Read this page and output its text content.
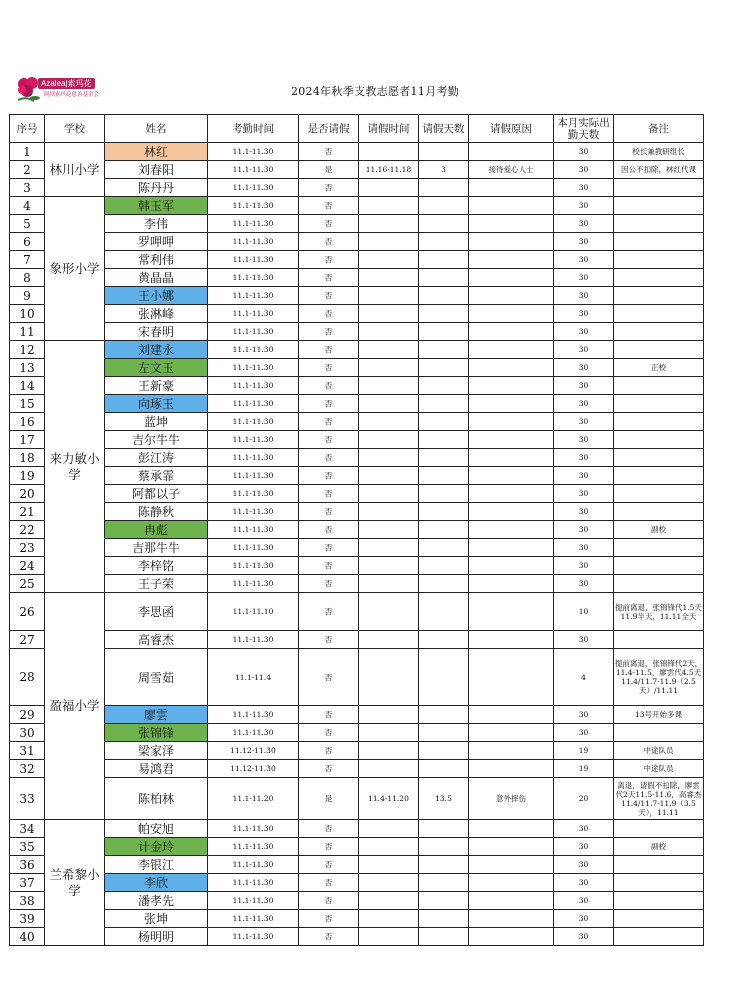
Azalea|索玛花
阿坝索玛花慈善基金会	2024年秋季支教志愿者11月考勤
序号	学校	姓名	考勤时间	是否请假	请假时间	请假天数	请假原因	本月实际出勤天数	备注
1	林川小学	林红	11.1-11.30	否				30	校长兼教研组长
2		刘春阳	11.1-11.30	是	11.16-11.18	3	接待爱心人士	30	因公不扣除，林红代课
3		陈丹丹	11.1-11.30	否				30	
4	象形小学	韩玉军	11.1-11.30	否				30	
5		李伟	11.1-11.30	否				30	
6		罗呷呷	11.1-11.30	否				30	
7		常利伟	11.1-11.30	否				30	
8		黄晶晶	11.1-11.30	否				30	
9		王小娜	11.1-11.30	否				30	
10		张淋峰	11.1-11.30	否				30	
11		宋春明	11.1-11.30	否				30	
12	来力敏小学	刘建永	11.1-11.30	否				30	
13		左文玉	11.1-11.30	否				30	正校
14		王新豪	11.1-11.30	否				30	
15		向琢玉	11.1-11.30	否				30	
16		蓝坤	11.1-11.30	否				30	
17		吉尔牛牛	11.1-11.30	否				30	
18		彭江涛	11.1-11.30	否				30	
19		蔡承霏	11.1-11.30	否				30	
20		阿都以子	11.1-11.30	否				30	
21		陈静秋	11.1-11.30	否				30	
22		冉彪	11.1-11.30	否				30	副校
23		吉那牛牛	11.1-11.30	否				30	
24		李梓铭	11.1-11.30	否				30	
25		王子荣	11.1-11.30	否				30	
26	盈福小学	李思函	11.1-11.10	否				10	提前离退，张锦锋代1.5天11.9半天，11.11全天
27		高睿杰	11.1-11.30	否				30	
28		周雪茹	11.1-11.4	否				4	提前离退，张锦锋代2天，11.4-11.5，廖雲代4.5天11.4/11.7-11.9（2.5天）/11.11
29		廖雲	11.1-11.30	否				30	13号开始多课
30		张锦锋	11.1-11.30	否				30	
31		梁家泽	11.12-11.30	否				19	中途队员
32		易鸿君	11.12-11.30	否				19	中途队员
33		陈柏林	11.1-11.20	是	11.4-11.20	13.5	意外摔伤	20	离退，请假不扣除，廖雲代2天11.5-11.6，高睿杰11.4/11.7-11.9（3.5天），11.11
34	兰希黎小学	帕安旭	11.1-11.30	否				30	
35		计金玲	11.1-11.30	否				30	副校
36		李银江	11.1-11.30	否				30	
37		李欣	11.1-11.30	否				30	
38		潘孝先	11.1-11.30	否				30	
39		张坤	11.1-11.30	否				30	
40		杨明明	11.1-11.30	否				30	
